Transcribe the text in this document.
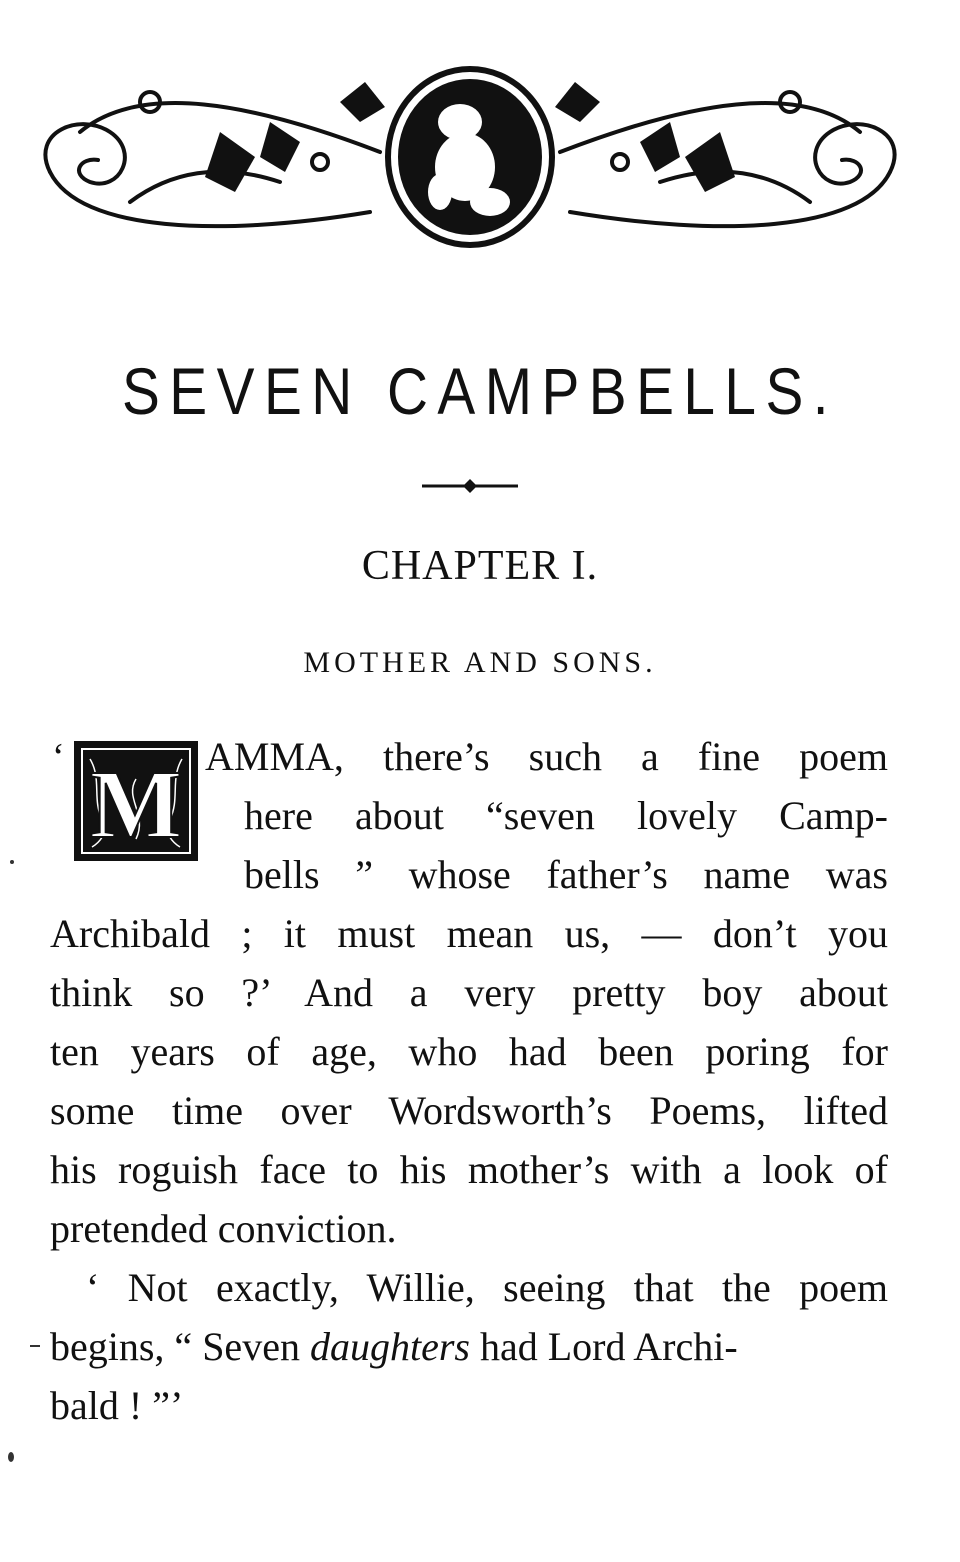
SEVEN CAMPBELLS.
CHAPTER I.
MOTHER AND SONS.
‘ M AMMA, there’s such a fine poem
here about “seven lovely Camp-
bells ” whose father’s name was
Archibald ; it must mean us, — don’t you
think so ?’ And a very pretty boy about
ten years of age, who had been poring for
some time over Wordsworth’s Poems, lifted
his roguish face to his mother’s with a look of
pretended conviction.
‘ Not exactly, Willie, seeing that the poem
begins, “ Seven daughters had Lord Archi-
bald ! ”’
